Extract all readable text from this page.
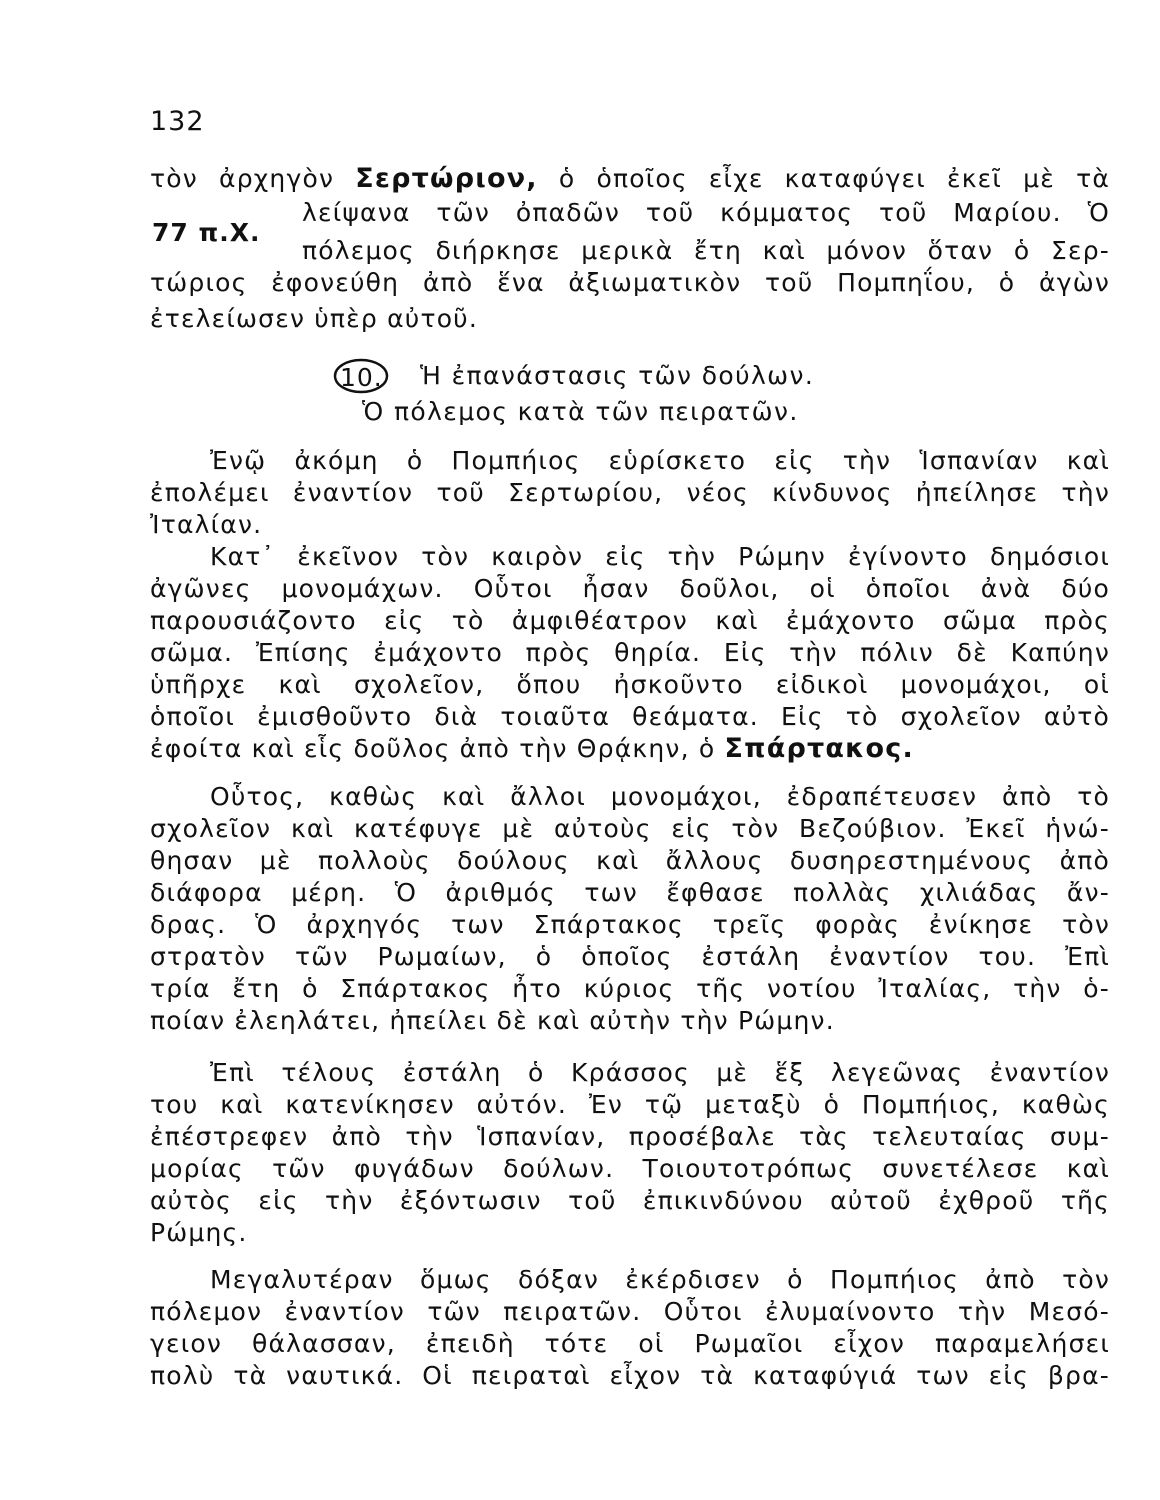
132
τὸν ἀρχηγὸν Σερτώριον, ὁ ὁποῖος εἶχε καταφύγει ἐκεῖ μὲ τὰ
77 π.Χ.
λείψανα τῶν ὀπαδῶν τοῦ κόμματος τοῦ Μαρίου. Ὁ
πόλεμος διήρκησε μερικὰ ἔτη καὶ μόνον ὅταν ὁ Σερ-
τώριος ἐφονεύθη ἀπὸ ἕνα ἀξιωματικὸν τοῦ Πομπηΐου, ὁ ἀγὼν
ἐτελείωσεν ὑπὲρ αὐτοῦ.
10. Ἡ ἐπανάστασις τῶν δούλων.
Ὁ πόλεμος κατὰ τῶν πειρατῶν.
Ἐνῷ ἀκόμη ὁ Πομπήιος εὑρίσκετο εἰς τὴν Ἱσπανίαν καὶ
ἐπολέμει ἐναντίον τοῦ Σερτωρίου, νέος κίνδυνος ἠπείλησε τὴν
Ἰταλίαν.
Κατ᾽ ἐκεῖνον τὸν καιρὸν εἰς τὴν Ρώμην ἐγίνοντο δημόσιοι
ἀγῶνες μονομάχων. Οὗτοι ἦσαν δοῦλοι, οἱ ὁποῖοι ἀνὰ δύο
παρουσιάζοντο εἰς τὸ ἀμφιθέατρον καὶ ἐμάχοντο σῶμα πρὸς
σῶμα. Ἐπίσης ἐμάχοντο πρὸς θηρία. Εἰς τὴν πόλιν δὲ Καπύην
ὑπῆρχε καὶ σχολεῖον, ὅπου ἠσκοῦντο εἰδικοὶ μονομάχοι, οἱ
ὁποῖοι ἐμισθοῦντο διὰ τοιαῦτα θεάματα. Εἰς τὸ σχολεῖον αὐτὸ
ἐφοίτα καὶ εἷς δοῦλος ἀπὸ τὴν Θρᾴκην, ὁ Σπάρτακος.
Οὗτος, καθὼς καὶ ἄλλοι μονομάχοι, ἐδραπέτευσεν ἀπὸ τὸ
σχολεῖον καὶ κατέφυγε μὲ αὐτοὺς εἰς τὸν Βεζούβιον. Ἐκεῖ ἡνώ-
θησαν μὲ πολλοὺς δούλους καὶ ἄλλους δυσηρεστημένους ἀπὸ
διάφορα μέρη. Ὁ ἀριθμός των ἔφθασε πολλὰς χιλιάδας ἄν-
δρας. Ὁ ἀρχηγός των Σπάρτακος τρεῖς φορὰς ἐνίκησε τὸν
στρατὸν τῶν Ρωμαίων, ὁ ὁποῖος ἐστάλη ἐναντίον του. Ἐπὶ
τρία ἔτη ὁ Σπάρτακος ἦτο κύριος τῆς νοτίου Ἰταλίας, τὴν ὁ-
ποίαν ἐλεηλάτει, ἠπείλει δὲ καὶ αὐτὴν τὴν Ρώμην.
Ἐπὶ τέλους ἐστάλη ὁ Κράσσος μὲ ἕξ λεγεῶνας ἐναντίον
του καὶ κατενίκησεν αὐτόν. Ἐν τῷ μεταξὺ ὁ Πομπήιος, καθὼς
ἐπέστρεφεν ἀπὸ τὴν Ἱσπανίαν, προσέβαλε τὰς τελευταίας συμ-
μορίας τῶν φυγάδων δούλων. Τοιουτοτρόπως συνετέλεσε καὶ
αὐτὸς εἰς τὴν ἐξόντωσιν τοῦ ἐπικινδύνου αὐτοῦ ἐχθροῦ τῆς
Ρώμης.
Μεγαλυτέραν ὅμως δόξαν ἐκέρδισεν ὁ Πομπήιος ἀπὸ τὸν
πόλεμον ἐναντίον τῶν πειρατῶν. Οὗτοι ἐλυμαίνοντο τὴν Μεσό-
γειον θάλασσαν, ἐπειδὴ τότε οἱ Ρωμαῖοι εἶχον παραμελήσει
πολὺ τὰ ναυτικά. Οἱ πειραταὶ εἶχον τὰ καταφύγιά των εἰς βρα-
